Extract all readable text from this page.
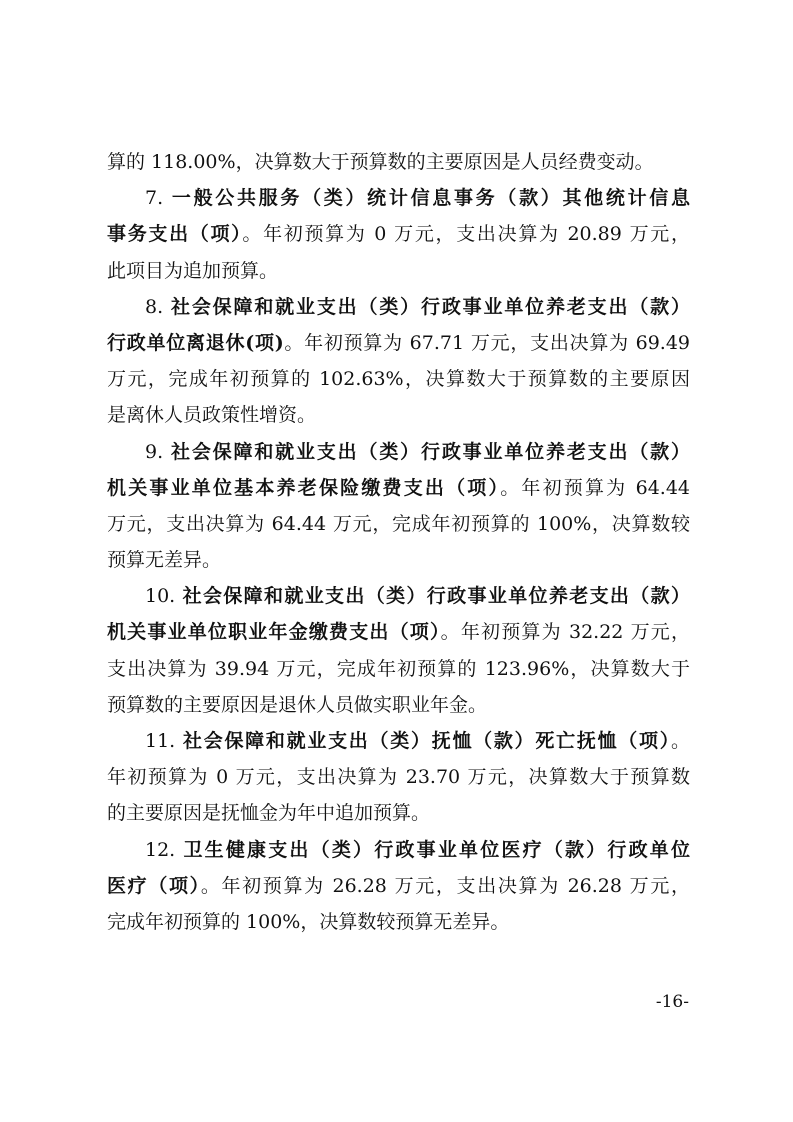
算的 118.00%，决算数大于预算数的主要原因是人员经费变动。
7. 一般公共服务（类）统计信息事务（款）其他统计信息
事务支出（项）。年初预算为 0 万元，支出决算为 20.89 万元，
此项目为追加预算。
8. 社会保障和就业支出（类）行政事业单位养老支出（款）
行政单位离退休(项)。年初预算为 67.71 万元，支出决算为 69.49
万元，完成年初预算的 102.63%，决算数大于预算数的主要原因
是离休人员政策性增资。
9. 社会保障和就业支出（类）行政事业单位养老支出（款）
机关事业单位基本养老保险缴费支出（项）。年初预算为 64.44
万元，支出决算为 64.44 万元，完成年初预算的 100%，决算数较
预算无差异。
10. 社会保障和就业支出（类）行政事业单位养老支出（款）
机关事业单位职业年金缴费支出（项）。年初预算为 32.22 万元，
支出决算为 39.94 万元，完成年初预算的 123.96%，决算数大于
预算数的主要原因是退休人员做实职业年金。
11. 社会保障和就业支出（类）抚恤（款）死亡抚恤（项）。
年初预算为 0 万元，支出决算为 23.70 万元，决算数大于预算数
的主要原因是抚恤金为年中追加预算。
12. 卫生健康支出（类）行政事业单位医疗（款）行政单位
医疗（项）。年初预算为 26.28 万元，支出决算为 26.28 万元，
完成年初预算的 100%，决算数较预算无差异。
-16-
